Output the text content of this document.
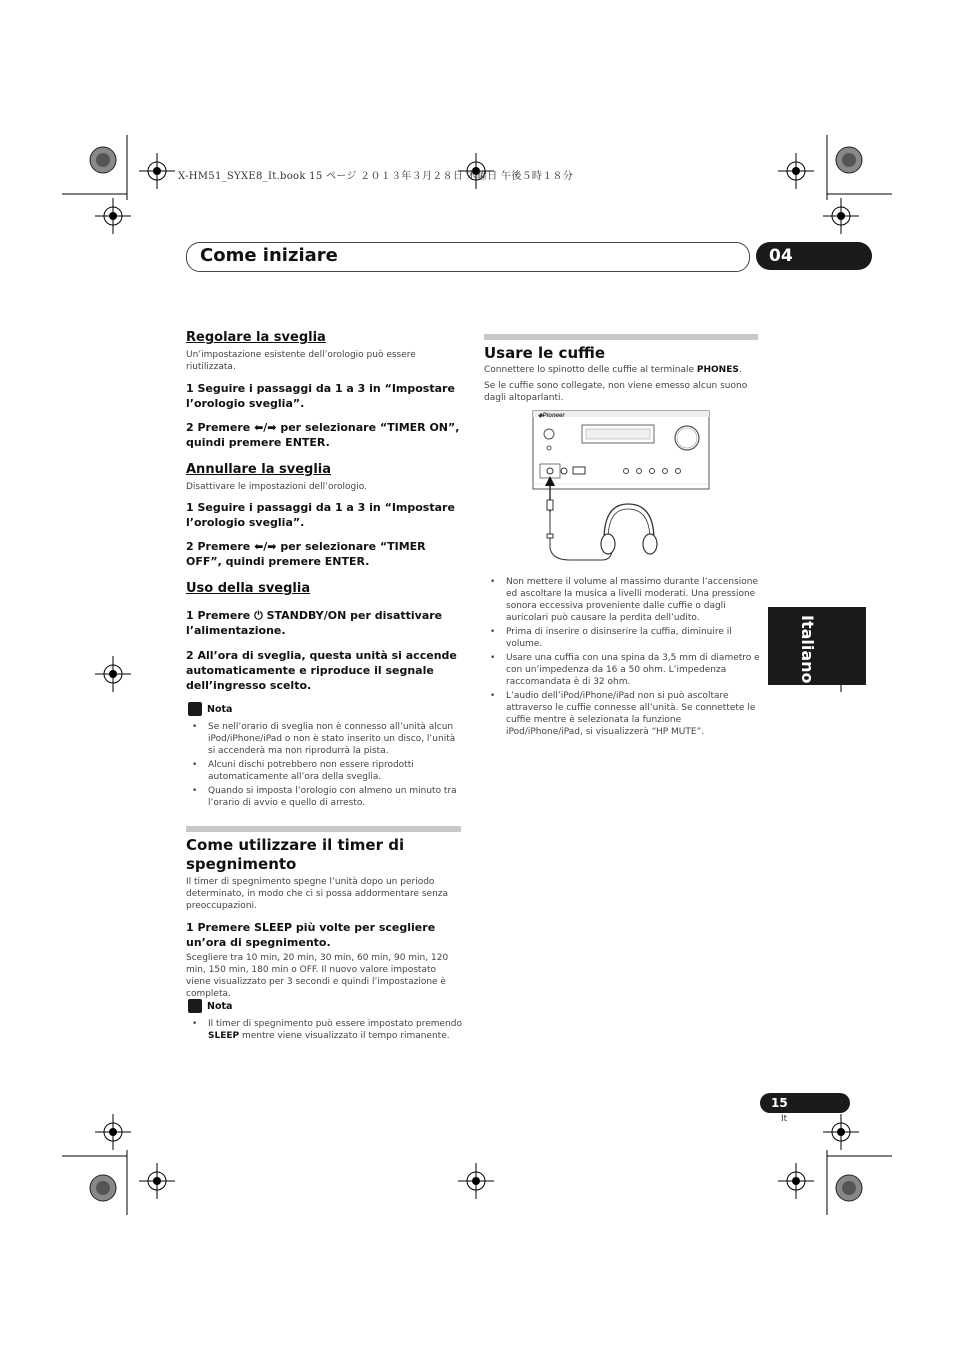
X-HM51_SYXE8_It.book 15 ページ ２０１３年３月２８日 木曜日 午後５時１８分
Come iniziare	04
Italiano
Regolare la sveglia
Un’impostazione esistente dell’orologio può essere riutilizzata.
1 Seguire i passaggi da 1 a 3 in “Impostare l’orologio sveglia”.
2 Premere ⬅/➡ per selezionare “TIMER ON”, quindi premere ENTER.
Annullare la sveglia
Disattivare le impostazioni dell’orologio.
1 Seguire i passaggi da 1 a 3 in “Impostare l’orologio sveglia”.
2 Premere ⬅/➡ per selezionare “TIMER OFF”, quindi premere ENTER.
Uso della sveglia
1 Premere ⏻ STANDBY/ON per disattivare l’alimentazione.
2 All’ora di sveglia, questa unità si accende automaticamente e riproduce il segnale dell’ingresso scelto.
Nota
• Se nell’orario di sveglia non è connesso all’unità alcun iPod/iPhone/iPad o non è stato inserito un disco, l’unità si accenderà ma non riprodurrà la pista.
• Alcuni dischi potrebbero non essere riprodotti automaticamente all’ora della sveglia.
• Quando si imposta l’orologio con almeno un minuto tra l’orario di avvio e quello di arresto.
Come utilizzare il timer di spegnimento
Il timer di spegnimento spegne l’unità dopo un periodo determinato, in modo che ci si possa addormentare senza preoccupazioni.
1 Premere SLEEP più volte per scegliere un’ora di spegnimento.
Scegliere tra 10 min, 20 min, 30 min, 60 min, 90 min, 120 min, 150 min, 180 min o OFF. Il nuovo valore impostato viene visualizzato per 3 secondi e quindi l’impostazione è completa.
Nota
• Il timer di spegnimento può essere impostato premendo SLEEP mentre viene visualizzato il tempo rimanente.
Usare le cuffie
Connettere lo spinotto delle cuffie al terminale PHONES.
Se le cuffie sono collegate, non viene emesso alcun suono dagli altoparlanti.
◆Pioneer
• Non mettere il volume al massimo durante l’accensione ed ascoltare la musica a livelli moderati. Una pressione sonora eccessiva proveniente dalle cuffie o dagli auricolari può causare la perdita dell’udito.
• Prima di inserire o disinserire la cuffia, diminuire il volume.
• Usare una cuffia con una spina da 3,5 mm di diametro e con un’impedenza da 16 a 50 ohm. L’impedenza raccomandata è di 32 ohm.
• L’audio dell’iPod/iPhone/iPad non si può ascoltare attraverso le cuffie connesse all’unità. Se connettete le cuffie mentre è selezionata la funzione iPod/iPhone/iPad, si visualizzerà “HP MUTE”.
15
It
